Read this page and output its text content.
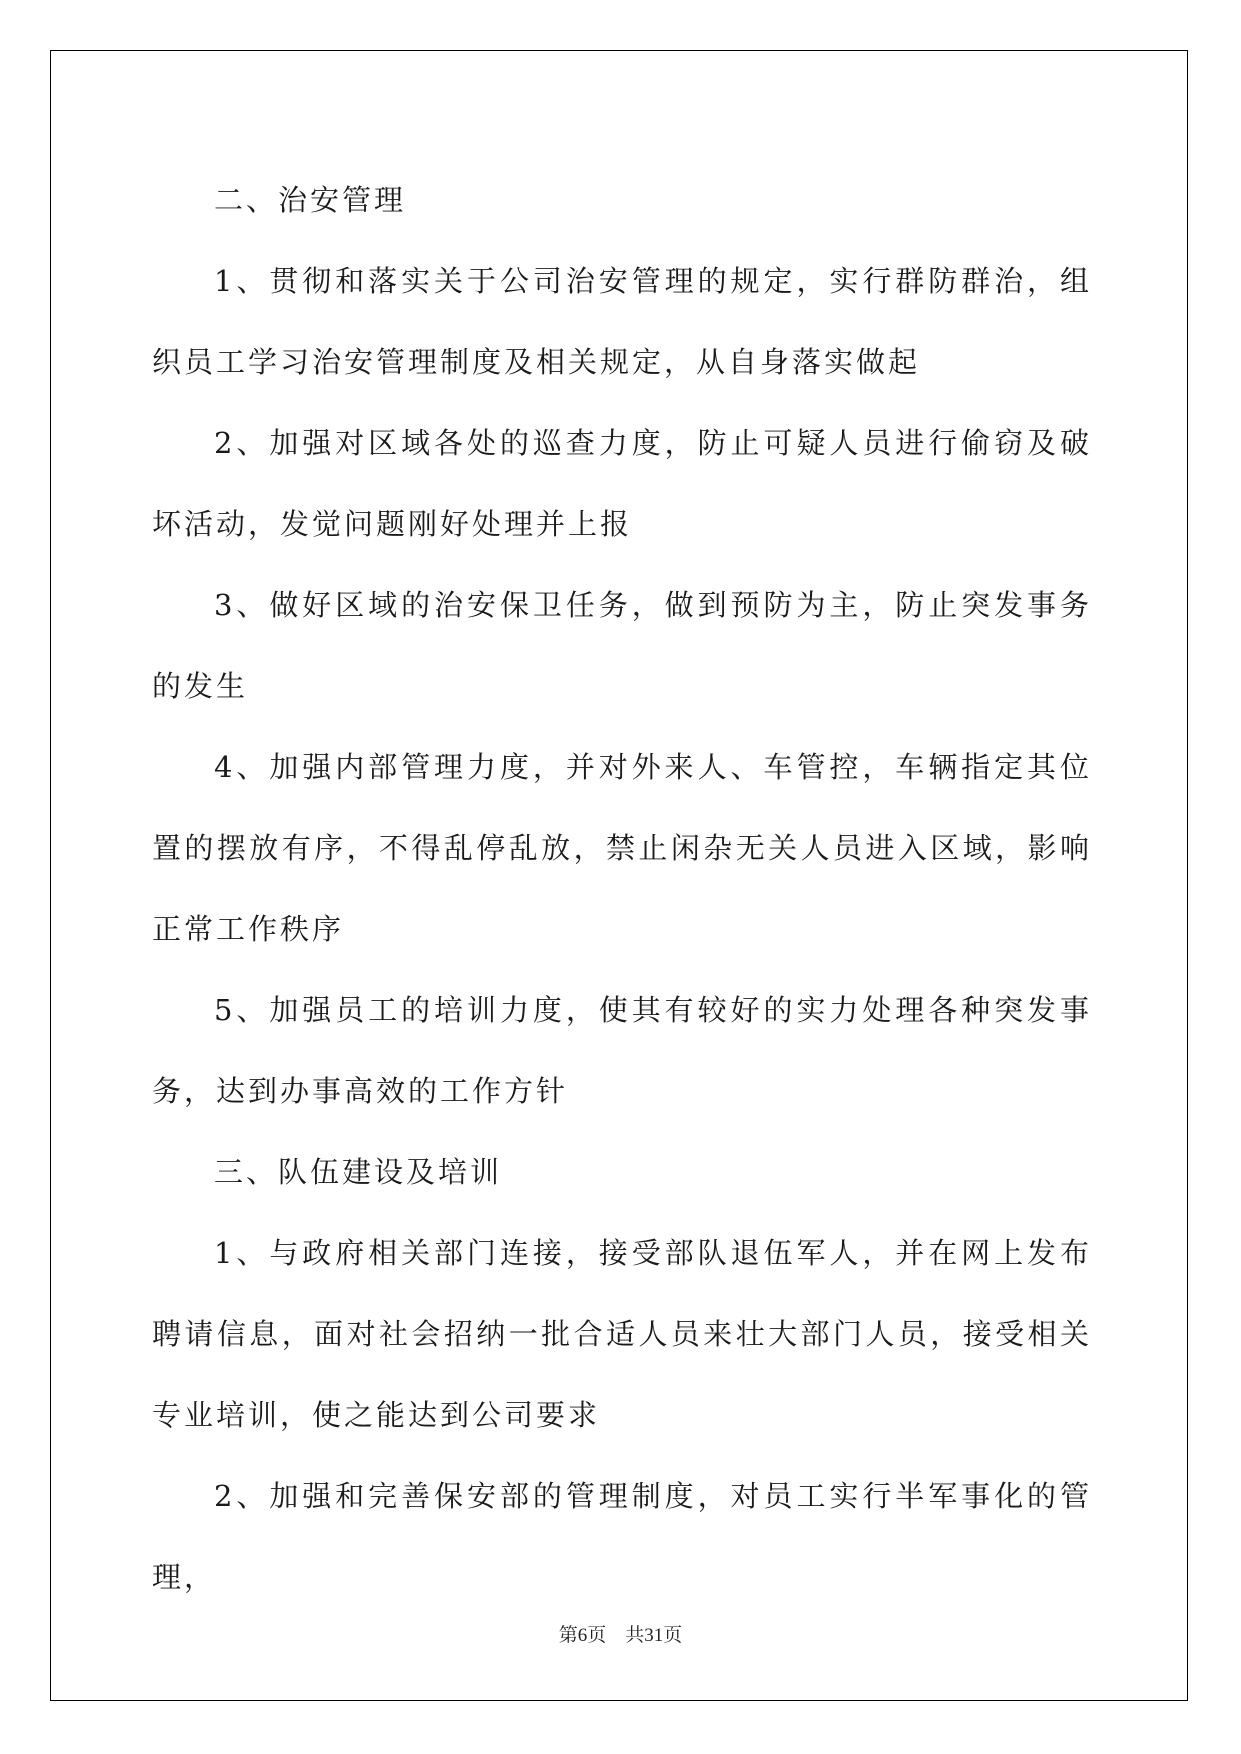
二、治安管理

1、贯彻和落实关于公司治安管理的规定，实行群防群治，组织员工学习治安管理制度及相关规定，从自身落实做起

2、加强对区域各处的巡查力度，防止可疑人员进行偷窃及破坏活动，发觉问题刚好处理并上报

3、做好区域的治安保卫任务，做到预防为主，防止突发事务的发生

4、加强内部管理力度，并对外来人、车管控，车辆指定其位置的摆放有序，不得乱停乱放，禁止闲杂无关人员进入区域，影响正常工作秩序

5、加强员工的培训力度，使其有较好的实力处理各种突发事务，达到办事高效的工作方针

三、队伍建设及培训

1、与政府相关部门连接，接受部队退伍军人，并在网上发布聘请信息，面对社会招纳一批合适人员来壮大部门人员，接受相关专业培训，使之能达到公司要求

2、加强和完善保安部的管理制度，对员工实行半军事化的管理，

第6页　共31页
